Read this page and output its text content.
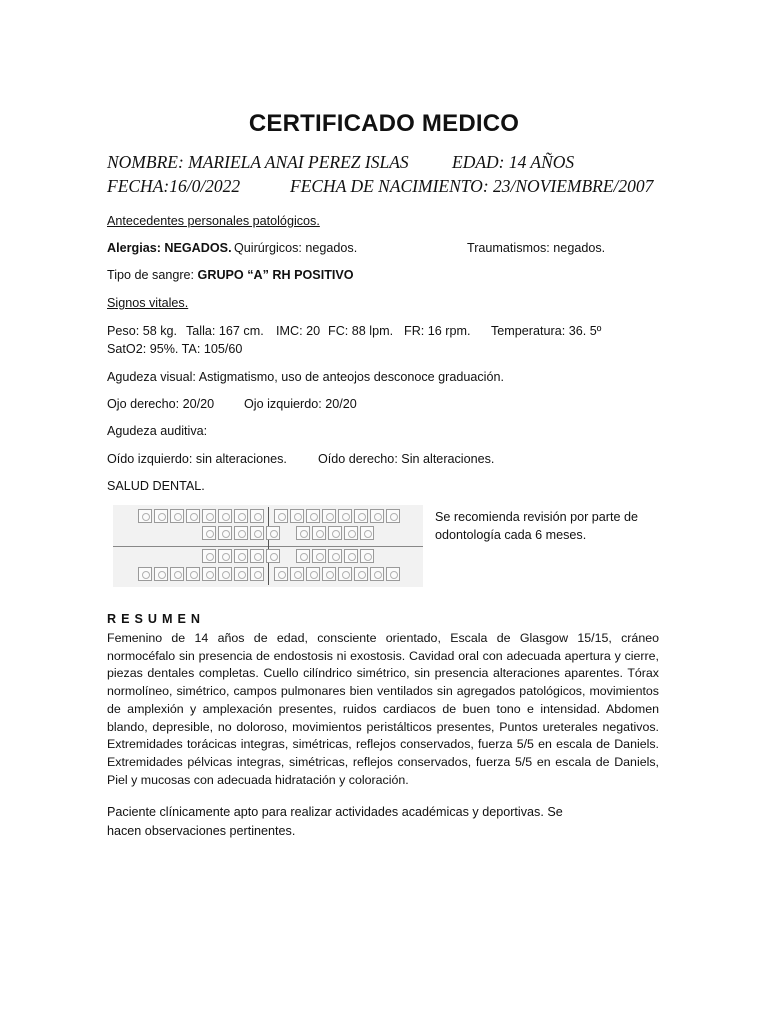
CERTIFICADO MEDICO
NOMBRE: MARIELA ANAI PEREZ ISLAS EDAD: 14 AÑOS
FECHA:16/0/2022	FECHA DE NACIMIENTO: 23/NOVIEMBRE/2007
Antecedentes personales patológicos.
Alergias: NEGADOS. Quirúrgicos: negados.	Traumatismos: negados.
Tipo de sangre: GRUPO “A” RH POSITIVO
Signos vitales.
Peso: 58 kg. Talla: 167 cm. IMC: 20 FC: 88 lpm. FR: 16 rpm. Temperatura: 36. 5º
SatO2: 95%. TA: 105/60
Agudeza visual: Astigmatismo, uso de anteojos desconoce graduación.
Ojo derecho: 20/20 Ojo izquierdo: 20/20
Agudeza auditiva:
Oído izquierdo: sin alteraciones. Oído derecho: Sin alteraciones.
SALUD DENTAL.
Se recomienda revisión por parte de odontología cada 6 meses.
RESUMEN
Femenino de 14 años de edad, consciente orientado, Escala de Glasgow 15/15, cráneo normocéfalo sin presencia de endostosis ni exostosis. Cavidad oral con adecuada apertura y cierre, piezas dentales completas. Cuello cilíndrico simétrico, sin presencia alteraciones aparentes. Tórax normolíneo, simétrico, campos pulmonares bien ventilados sin agregados patológicos, movimientos de amplexión y amplexación presentes, ruidos cardiacos de buen tono e intensidad. Abdomen blando, depresible, no doloroso, movimientos peristálticos presentes, Puntos ureterales negativos. Extremidades torácicas integras, simétricas, reflejos conservados, fuerza 5/5 en escala de Daniels. Extremidades pélvicas integras, simétricas, reflejos conservados, fuerza 5/5 en escala de Daniels, Piel y mucosas con adecuada hidratación y coloración.
Paciente clínicamente apto para realizar actividades académicas y deportivas. Se hacen observaciones pertinentes.
